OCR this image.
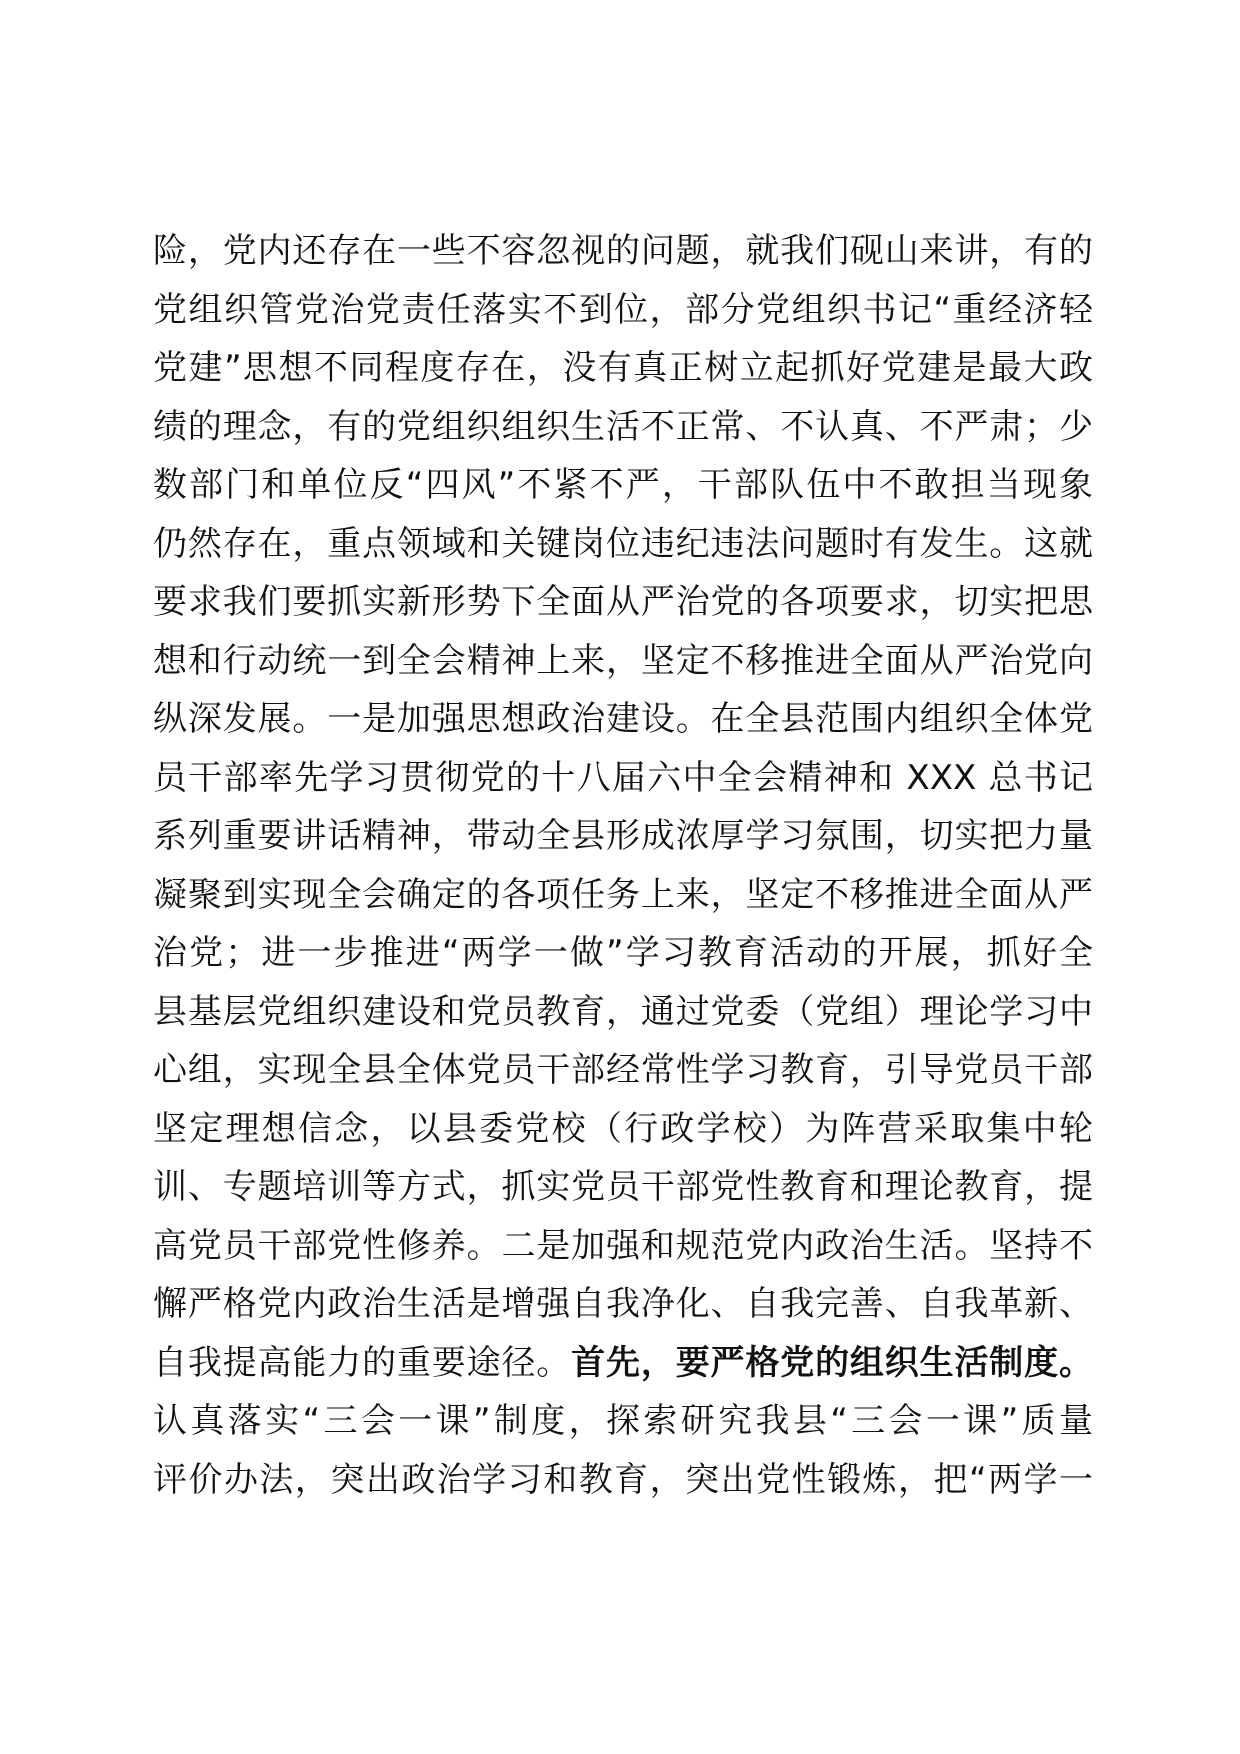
险，党内还存在一些不容忽视的问题，就我们砚山来讲，有的
党组织管党治党责任落实不到位，部分党组织书记“重经济轻
党建”思想不同程度存在，没有真正树立起抓好党建是最大政
绩的理念，有的党组织组织生活不正常、不认真、不严肃；少
数部门和单位反“四风”不紧不严，干部队伍中不敢担当现象
仍然存在，重点领域和关键岗位违纪违法问题时有发生。这就
要求我们要抓实新形势下全面从严治党的各项要求，切实把思
想和行动统一到全会精神上来，坚定不移推进全面从严治党向
纵深发展。一是加强思想政治建设。在全县范围内组织全体党
员干部率先学习贯彻党的十八届六中全会精神和 XXX 总书记
系列重要讲话精神，带动全县形成浓厚学习氛围，切实把力量
凝聚到实现全会确定的各项任务上来，坚定不移推进全面从严
治党；进一步推进“两学一做”学习教育活动的开展，抓好全
县基层党组织建设和党员教育，通过党委（党组）理论学习中
心组，实现全县全体党员干部经常性学习教育，引导党员干部
坚定理想信念，以县委党校（行政学校）为阵营采取集中轮
训、专题培训等方式，抓实党员干部党性教育和理论教育，提
高党员干部党性修养。二是加强和规范党内政治生活。坚持不
懈严格党内政治生活是增强自我净化、自我完善、自我革新、
自我提高能力的重要途径。首先，要严格党的组织生活制度。
认真落实“三会一课”制度，探索研究我县“三会一课”质量
评价办法，突出政治学习和教育，突出党性锻炼，把“两学一
